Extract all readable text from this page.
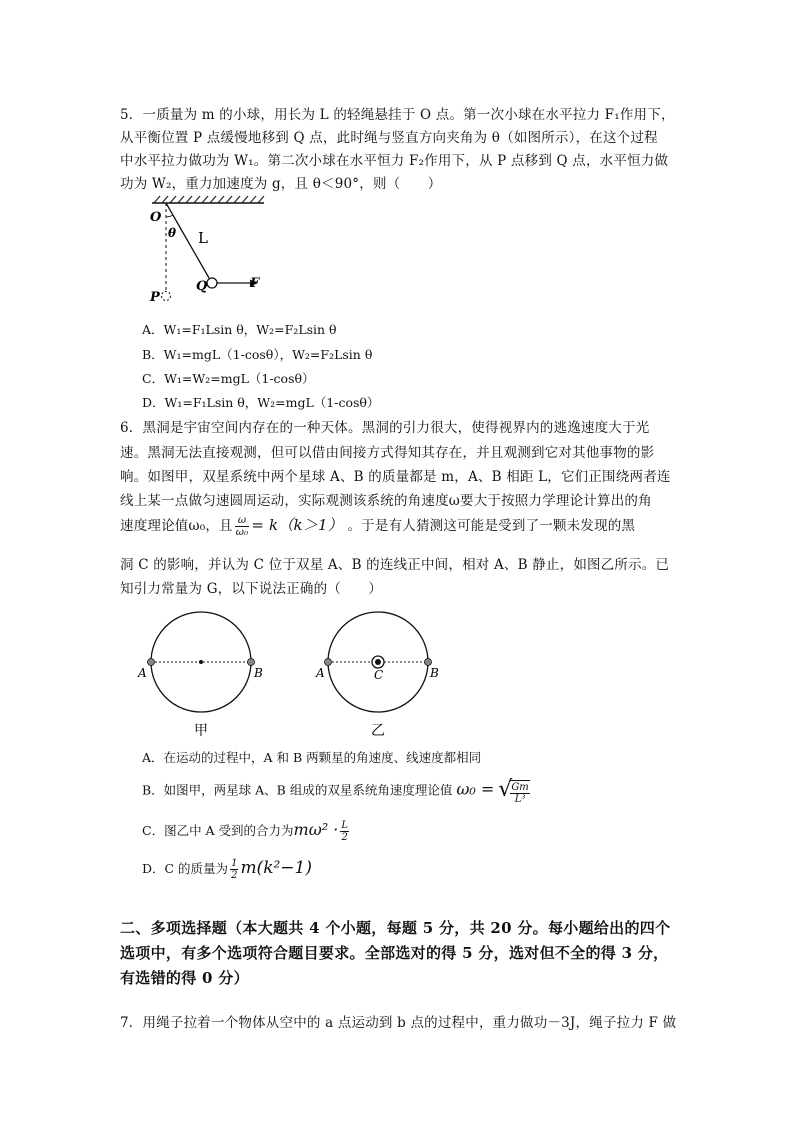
5．一质量为 m 的小球，用长为 L 的轻绳悬挂于 O 点。第一次小球在水平拉力 F₁作用下，
从平衡位置 P 点缓慢地移到 Q 点，此时绳与竖直方向夹角为 θ（如图所示），在这个过程
中水平拉力做功为 W₁。第二次小球在水平恒力 F₂作用下，从 P 点移到 Q 点，水平恒力做
功为 W₂，重力加速度为 g，且 θ＜90°，则（　　）
O
θ L
P
Q	F
A．W₁=F₁Lsin θ，W₂=F₂Lsin θ
B．W₁=mgL（1-cosθ），W₂=F₂Lsin θ
C．W₁=W₂=mgL（1-cosθ）
D．W₁=F₁Lsin θ，W₂=mgL（1-cosθ）
6．黑洞是宇宙空间内存在的一种天体。黑洞的引力很大，使得视界内的逃逸速度大于光
速。黑洞无法直接观测，但可以借由间接方式得知其存在，并且观测到它对其他事物的影
响。如图甲，双星系统中两个星球 A、B 的质量都是 m，A、B 相距 L，它们正围绕两者连
线上某一点做匀速圆周运动，实际观测该系统的角速度ω要大于按照力学理论计算出的角
速度理论值ω₀，且 $\frac{\omega}{\text{ω₀}} = k(k>1)$ 。于是有人猜测这可能是受到了一颗未发现的黑
洞 C 的影响，并认为 C 位于双星 A、B 的连线正中间，相对 A、B 静止，如图乙所示。已
知引力常量为 G，以下说法正确的（　　）
A	B
甲
A	C	B
乙
A．在运动的过程中，A 和 B 两颗星的角速度、线速度都相同
B．如图甲，两星球 A、B 组成的双星系统角速度理论值 ω₀ = √
$\frac{Gm}{\text{L³}}$
C．图乙中 A 受到的合力为$m\omega^2 \cdot \frac{L}{2}$
D．C 的质量为 $\frac{1}{2} m(k^2-1)$
二、多项选择题（本大题共 4 个小题，每题 5 分，共 20 分。每小题给出的四个
选项中，有多个选项符合题目要求。全部选对的得 5 分，选对但不全的得 3 分，
有选错的得 0 分）
7．用绳子拉着一个物体从空中的 a 点运动到 b 点的过程中，重力做功－3J，绳子拉力 F 做
